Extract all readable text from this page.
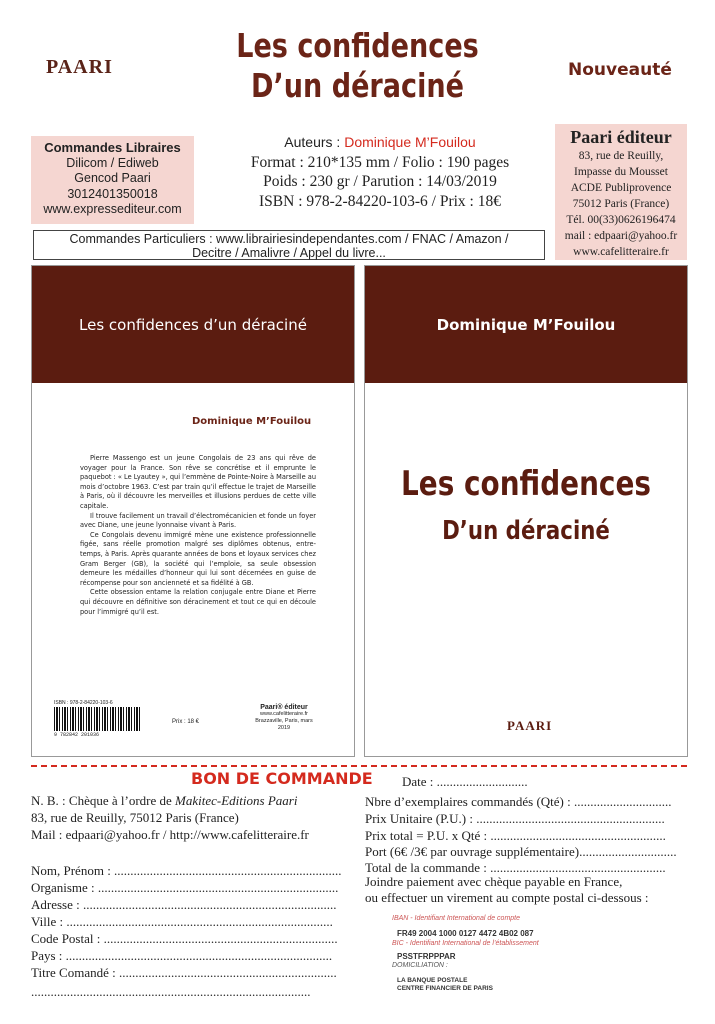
PAARI
Les confidences
D’un déraciné	Nouveauté
Commandes Libraires
Dilicom / Ediweb
Gencod Paari
3012401350018
www.expressediteur.com
Auteurs : Dominique M’Fouilou
Format : 210*135 mm / Folio : 190 pages
Poids : 230 gr / Parution : 14/03/2019
ISBN : 978-2-84220-103-6 / Prix : 18€
Paari éditeur
83, rue de Reuilly,
Impasse du Mousset
ACDE Publiprovence
75012 Paris (France)
Tél. 00(33)0626196474
mail : edpaari@yahoo.fr
www.cafelitteraire.fr
Commandes Particuliers : www.librairiesindependantes.com / FNAC / Amazon /
Decitre / Amalivre / Appel du livre...
Les confidences d’un déraciné
Dominique M’Fouilou

Pierre Massengo est un jeune Congolais de 23 ans qui rêve de voyager pour la France. Son rêve se concrétise et il emprunte le paquebot : « Le Lyautey », qui l’emmène de Pointe-Noire à Marseille au mois d’octobre 1963. C’est par train qu’il effectue le trajet de Marseille à Paris, où il découvre les merveilles et illusions perdues de cette ville capitale.

Il trouve facilement un travail d’électromécanicien et fonde un foyer avec Diane, une jeune lyonnaise vivant à Paris.

Ce Congolais devenu immigré mène une existence professionnelle figée, sans réelle promotion malgré ses diplômes obtenus, entre-temps, à Paris. Après quarante années de bons et loyaux services chez Gram Berger (GB), la société qui l’emploie, sa seule obsession demeure les médailles d’honneur qui lui sont décernées en guise de récompense pour son ancienneté et sa fidélité à GB.

Cette obsession entame la relation conjugale entre Diane et Pierre qui découvre en définitive son déracinement et tout ce qui en découle pour l’immigré qu’il est.

ISBN : 978-2-84220-103-6
9 782842 201036
Prix : 18 €
Paari® éditeur
www.cafelitteraire.fr
Brazzaville, Paris, mars 2019
Dominique M’Fouilou
Les confidences
D’un déraciné
PAARI
BON DE COMMANDE	Date : ............................
N. B. : Chèque à l’ordre de Makitec-Editions Paari
83, rue de Reuilly, 75012 Paris (France)
Mail : edpaari@yahoo.fr / http://www.cafelitteraire.fr
Nom, Prénom : ......................................................................
Organisme : ..........................................................................
Adresse : ..............................................................................
Ville : ..................................................................................
Code Postal : ........................................................................
Pays : ..................................................................................
Titre Comandé : ...................................................................
......................................................................................
Nbre d’exemplaires commandés (Qté) : ..............................
Prix Unitaire (P.U.) : ..........................................................
Prix total = P.U. x Qté : ......................................................
Port (6€ /3€ par ouvrage supplémentaire)..............................
Total de la commande : ......................................................
Joindre paiement avec chèque payable en France,
ou effectuer un virement au compte postal ci-dessous :
IBAN - Identifiant International de compte
FR49 2004 1000 0127 4472 4B02 087
BIC - Identifiant International de l’établissement
PSSTFRPPPAR
DOMICILIATION :
LA BANQUE POSTALE
CENTRE FINANCIER DE PARIS
